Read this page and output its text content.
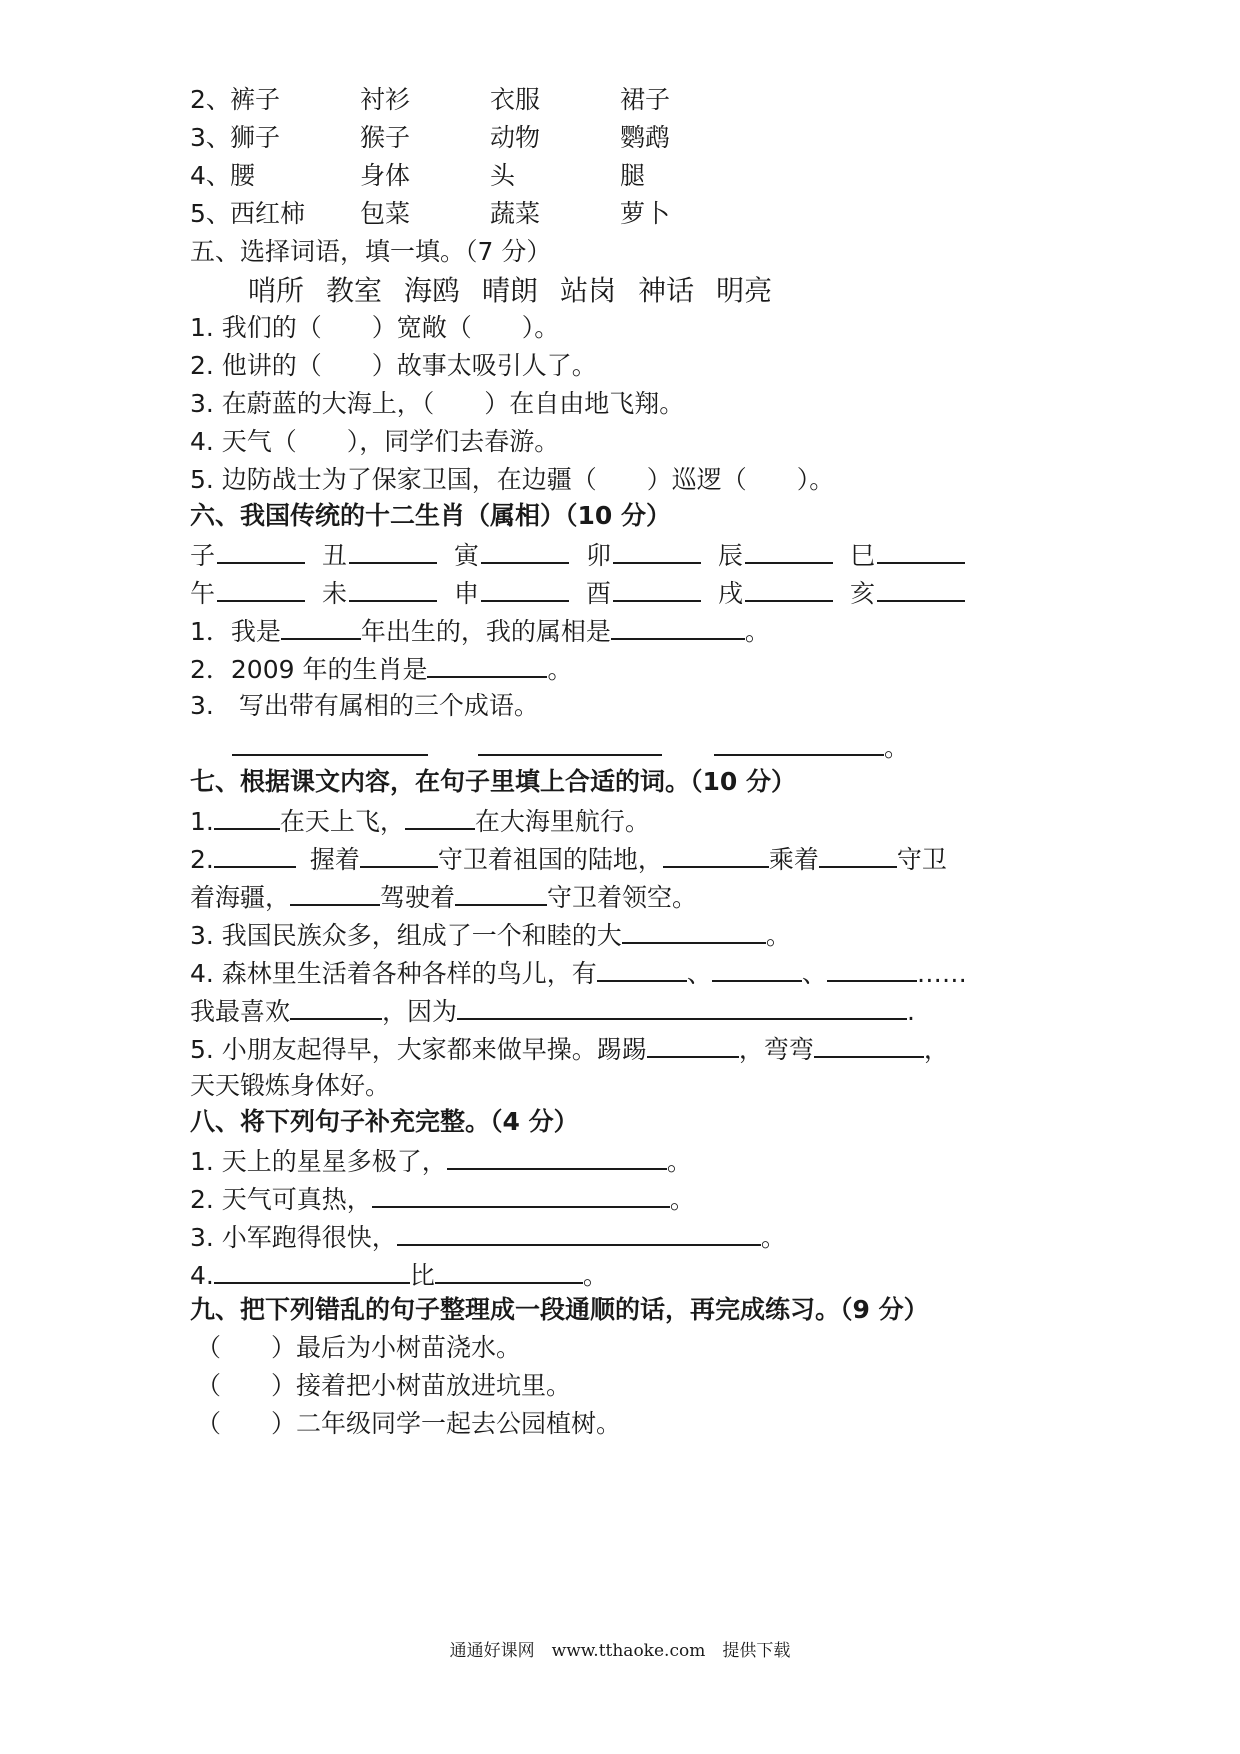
2、裤子	衬衫	衣服	裙子
3、狮子	猴子	动物	鹦鹉
4、腰	身体	头	腿
5、西红柿 包菜	蔬菜	萝卜
五、选择词语，填一填。（7 分）
哨所 教室 海鸥 晴朗 站岗 神话 明亮
1. 我们的（　　）宽敞（　　）。
2. 他讲的（　　）故事太吸引人了。
3. 在蔚蓝的大海上，（　　）在自由地飞翔。
4. 天气（　　），同学们去春游。
5. 边防战士为了保家卫国，在边疆（　　）巡逻（　　）。
六、我国传统的十二生肖（属相）（10 分）
子	丑	寅	卯	辰	巳
午	未	申	酉	戌	亥
1．我是	年出生的，我的属相是	。
2．2009 年的生肖是	。
3.　写出带有属相的三个成语。
。
七、根据课文内容，在句子里填上合适的词。（10 分）
1.	在天上飞，	在大海里航行。
2.	握着	守卫着祖国的陆地，	乘着	守卫
着海疆，	驾驶着	守卫着领空。
3. 我国民族众多，组成了一个和睦的大	。
4. 森林里生活着各种各样的鸟儿，有	、	、	……
我最喜欢	，因为	.
5. 小朋友起得早，大家都来做早操。踢踢	，弯弯	，
天天锻炼身体好。
八、将下列句子补充完整。（4 分）
1. 天上的星星多极了，	。
2. 天气可真热，	。
3. 小军跑得很快，	。
4.	比	。
九、把下列错乱的句子整理成一段通顺的话，再完成练习。（9 分）
（　　）最后为小树苗浇水。
（　　）接着把小树苗放进坑里。
（　　）二年级同学一起去公园植树。
通通好课网　www.tthaoke.com　提供下载
